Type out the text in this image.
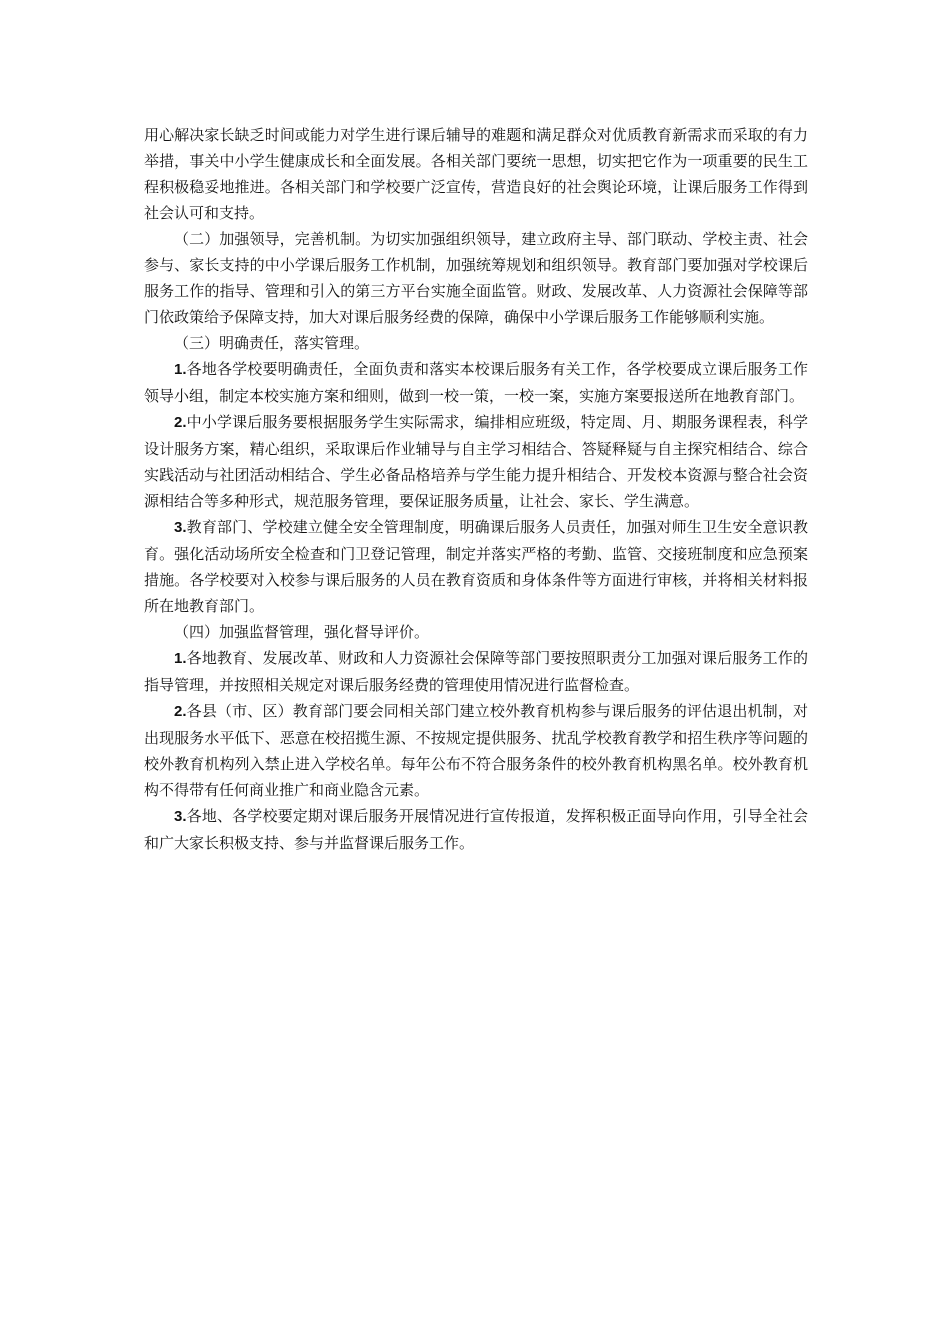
用心解决家长缺乏时间或能力对学生进行课后辅导的难题和满足群众对优质教育新需求而采取的有力举措，事关中小学生健康成长和全面发展。各相关部门要统一思想，切实把它作为一项重要的民生工程积极稳妥地推进。各相关部门和学校要广泛宣传，营造良好的社会舆论环境，让课后服务工作得到社会认可和支持。

（二）加强领导，完善机制。为切实加强组织领导，建立政府主导、部门联动、学校主责、社会参与、家长支持的中小学课后服务工作机制，加强统筹规划和组织领导。教育部门要加强对学校课后服务工作的指导、管理和引入的第三方平台实施全面监管。财政、发展改革、人力资源社会保障等部门依政策给予保障支持，加大对课后服务经费的保障，确保中小学课后服务工作能够顺利实施。

（三）明确责任，落实管理。

1.各地各学校要明确责任，全面负责和落实本校课后服务有关工作，各学校要成立课后服务工作领导小组，制定本校实施方案和细则，做到一校一策，一校一案，实施方案要报送所在地教育部门。

2.中小学课后服务要根据服务学生实际需求，编排相应班级，特定周、月、期服务课程表，科学设计服务方案，精心组织，采取课后作业辅导与自主学习相结合、答疑释疑与自主探究相结合、综合实践活动与社团活动相结合、学生必备品格培养与学生能力提升相结合、开发校本资源与整合社会资源相结合等多种形式，规范服务管理，要保证服务质量，让社会、家长、学生满意。

3.教育部门、学校建立健全安全管理制度，明确课后服务人员责任，加强对师生卫生安全意识教育。强化活动场所安全检查和门卫登记管理，制定并落实严格的考勤、监管、交接班制度和应急预案措施。各学校要对入校参与课后服务的人员在教育资质和身体条件等方面进行审核，并将相关材料报所在地教育部门。

（四）加强监督管理，强化督导评价。

1.各地教育、发展改革、财政和人力资源社会保障等部门要按照职责分工加强对课后服务工作的指导管理，并按照相关规定对课后服务经费的管理使用情况进行监督检查。

2.各县（市、区）教育部门要会同相关部门建立校外教育机构参与课后服务的评估退出机制，对出现服务水平低下、恶意在校招揽生源、不按规定提供服务、扰乱学校教育教学和招生秩序等问题的校外教育机构列入禁止进入学校名单。每年公布不符合服务条件的校外教育机构黑名单。校外教育机构不得带有任何商业推广和商业隐含元素。

3.各地、各学校要定期对课后服务开展情况进行宣传报道，发挥积极正面导向作用，引导全社会和广大家长积极支持、参与并监督课后服务工作。
